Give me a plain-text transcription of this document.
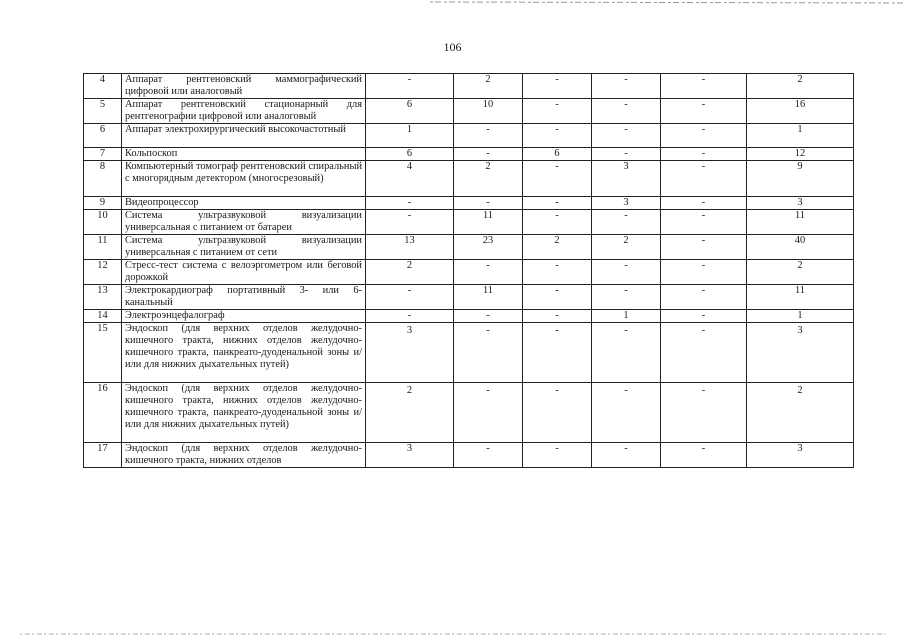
106
4	Аппарат рентгеновский маммографический цифровой или аналоговый	-	2	-	-	-	2
5	Аппарат рентгеновский стационарный для рентгенографии цифровой или аналоговый	6	10	-	-	-	16
6	Аппарат электрохирургический высокочастотный	1	-	-	-	-	1
7	Кольпоскоп	6	-	6	-	-	12
8	Компьютерный томограф рентгеновский спиральный с многорядным детектором (многосрезовый)	4	2	-	3	-	9
9	Видеопроцессор	-	-	-	3	-	3
10	Система ультразвуковой визуализации универсальная с питанием от батареи	-	11	-	-	-	11
11	Система ультразвуковой визуализации универсальная с питанием от сети	13	23	2	2	-	40
12	Стресс-тест система с велоэргометром или беговой дорожкой	2	-	-	-	-	2
13	Электрокардиограф портативный 3- или 6-канальный	-	11	-	-	-	11
14	Электроэнцефалограф	-	-	-	1	-	1
15	Эндоскоп (для верхних отделов желудочно-кишечного тракта, нижних отделов желудочно-кишечного тракта, панкреато-дуоденальной зоны и/или для нижних дыхательных путей)	3	-	-	-	-	3
16	Эндоскоп (для верхних отделов желудочно-кишечного тракта, нижних отделов желудочно-кишечного тракта, панкреато-дуоденальной зоны и/или для нижних дыхательных путей)	2	-	-	-	-	2
17	Эндоскоп (для верхних отделов желудочно-кишечного тракта, нижних отделов	3	-	-	-	-	3
